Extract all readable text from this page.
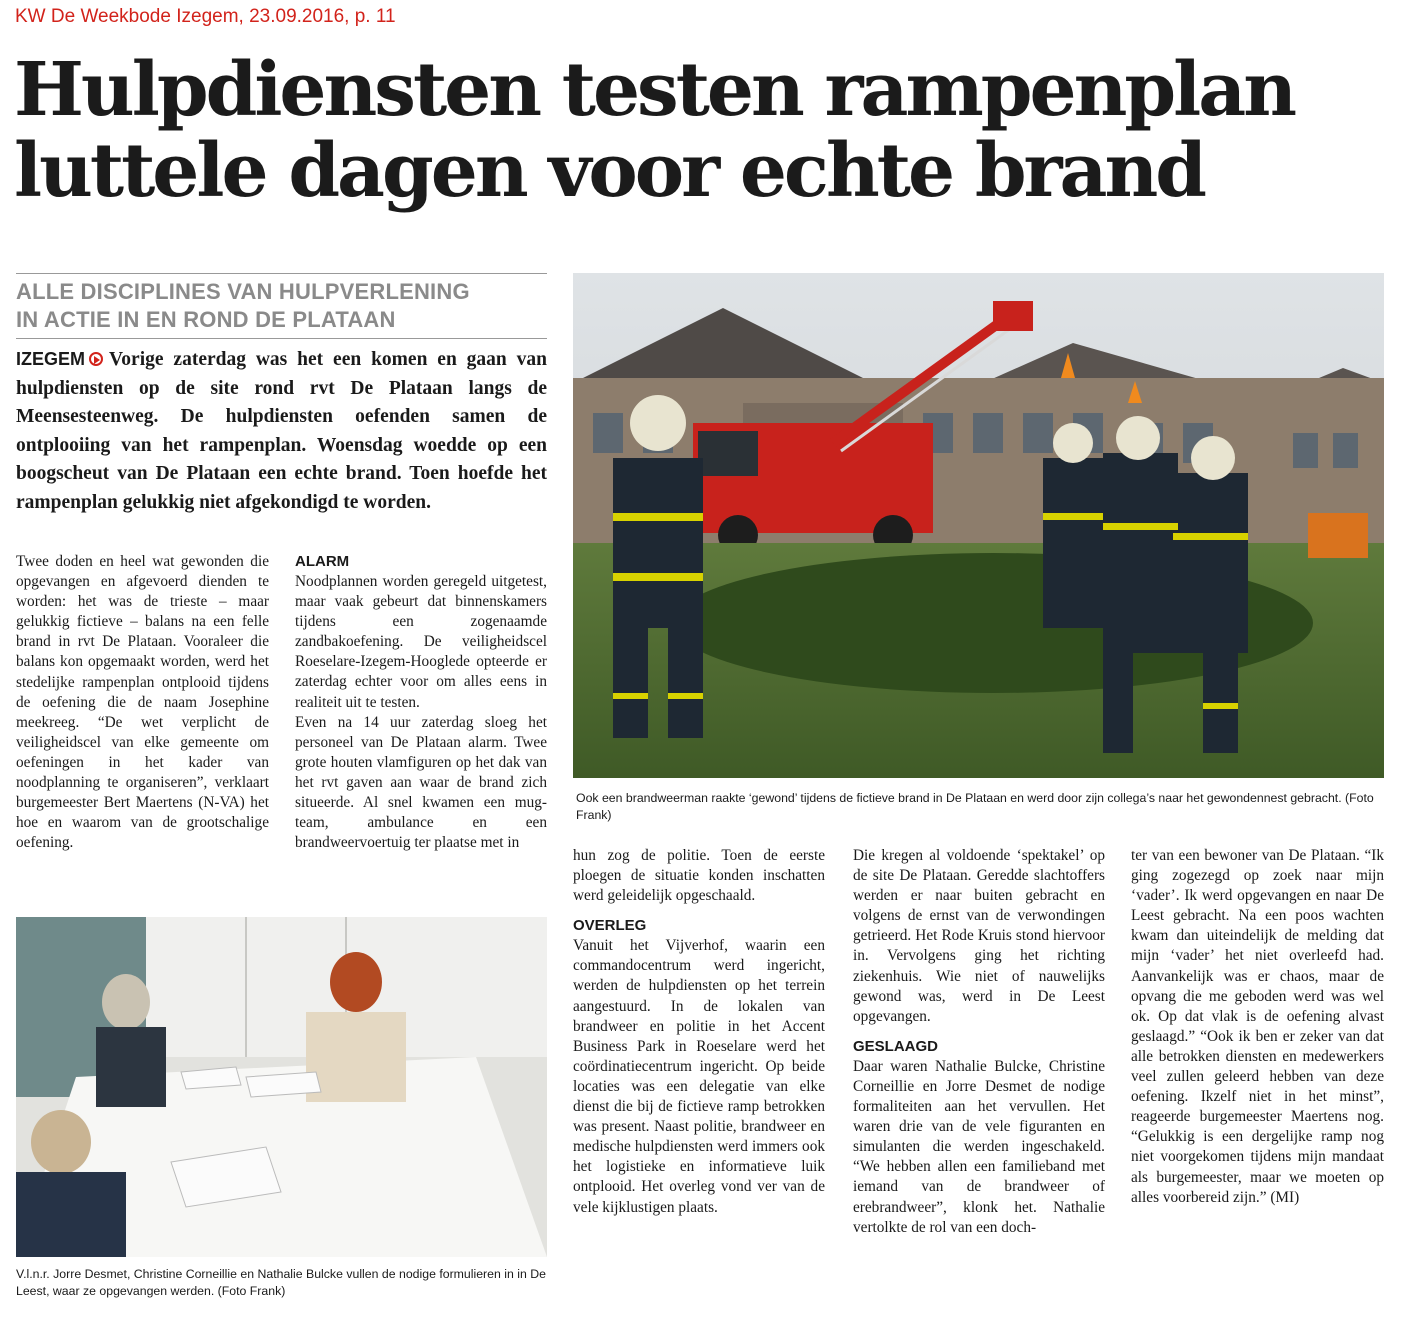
KW De Weekbode Izegem, 23.09.2016, p. 11
Hulpdiensten testen rampenplan
luttele dagen voor echte brand
ALLE DISCIPLINES VAN HULPVERLENING
IN ACTIE IN EN ROND DE PLATAAN
IZEGEM Vorige zaterdag was het een komen en gaan van hulpdiensten op de site rond rvt De Plataan langs de Meensesteenweg. De hulpdiensten oefenden samen de ontplooiing van het rampenplan. Woensdag woedde op een boogscheut van De Plataan een echte brand. Toen hoefde het rampenplan gelukkig niet afgekondigd te worden.

Twee doden en heel wat gewonden die opgevangen en afgevoerd dienden te worden: het was de trieste – maar gelukkig fictieve – balans na een felle brand in rvt De Plataan. Vooraleer die balans kon opgemaakt worden, werd het stedelijke rampenplan ontplooid tijdens de oefening die de naam Josephine meekreeg. “De wet verplicht de veiligheidscel van elke gemeente om oefeningen in het kader van noodplanning te organiseren”, verklaart burgemeester Bert Maertens (N-VA) het hoe en waarom van de grootschalige oefening.

ALARM

Noodplannen worden geregeld uitgetest, maar vaak gebeurt dat binnenskamers tijdens een zogenaamde zandbakoefening. De veiligheidscel Roeselare-Izegem-Hooglede opteerde er zaterdag echter voor om alles eens in realiteit uit te testen.

Even na 14 uur zaterdag sloeg het personeel van De Plataan alarm. Twee grote houten vlamfiguren op het dak van het rvt gaven aan waar de brand zich situeerde. Al snel kwamen een mug-team, ambulance en een brandweervoertuig ter plaatse met in

Ook een brandweerman raakte ‘gewond’ tijdens de fictieve brand in De Plataan en werd door zijn collega’s naar het gewondennest gebracht. (Foto Frank)
V.l.n.r. Jorre Desmet, Christine Corneillie en Nathalie Bulcke vullen de nodige formulieren in in De Leest, waar ze opgevangen werden. (Foto Frank)

hun zog de politie. Toen de eerste ploegen de situatie konden inschatten werd geleidelijk opgeschaald.

OVERLEG

Vanuit het Vijverhof, waarin een commandocentrum werd ingericht, werden de hulpdiensten op het terrein aangestuurd. In de lokalen van brandweer en politie in het Accent Business Park in Roeselare werd het coördinatiecentrum ingericht. Op beide locaties was een delegatie van elke dienst die bij de fictieve ramp betrokken was present. Naast politie, brandweer en medische hulpdiensten werd immers ook het logistieke en informatieve luik ontplooid. Het overleg vond ver van de vele kijklustigen plaats.

Die kregen al voldoende ‘spektakel’ op de site De Plataan. Geredde slachtoffers werden er naar buiten gebracht en volgens de ernst van de verwondingen getrieerd. Het Rode Kruis stond hiervoor in. Vervolgens ging het richting ziekenhuis. Wie niet of nauwelijks gewond was, werd in De Leest opgevangen.

GESLAAGD

Daar waren Nathalie Bulcke, Christine Corneillie en Jorre Desmet de nodige formaliteiten aan het vervullen. Het waren drie van de vele figuranten en simulanten die werden ingeschakeld. “We hebben allen een familieband met iemand van de brandweer of erebrandweer”, klonk het. Nathalie vertolkte de rol van een doch-

ter van een bewoner van De Plataan. “Ik ging zogezegd op zoek naar mijn ‘vader’. Ik werd opgevangen en naar De Leest gebracht. Na een poos wachten kwam dan uiteindelijk de melding dat mijn ‘vader’ het niet overleefd had. Aanvankelijk was er chaos, maar de opvang die me geboden werd was wel ok. Op dat vlak is de oefening alvast geslaagd.” “Ook ik ben er zeker van dat alle betrokken diensten en medewerkers veel zullen geleerd hebben van deze oefening. Ikzelf niet in het minst”, reageerde burgemeester Maertens nog. “Gelukkig is een dergelijke ramp nog niet voorgekomen tijdens mijn mandaat als burgemeester, maar we moeten op alles voorbereid zijn.” (MI)
